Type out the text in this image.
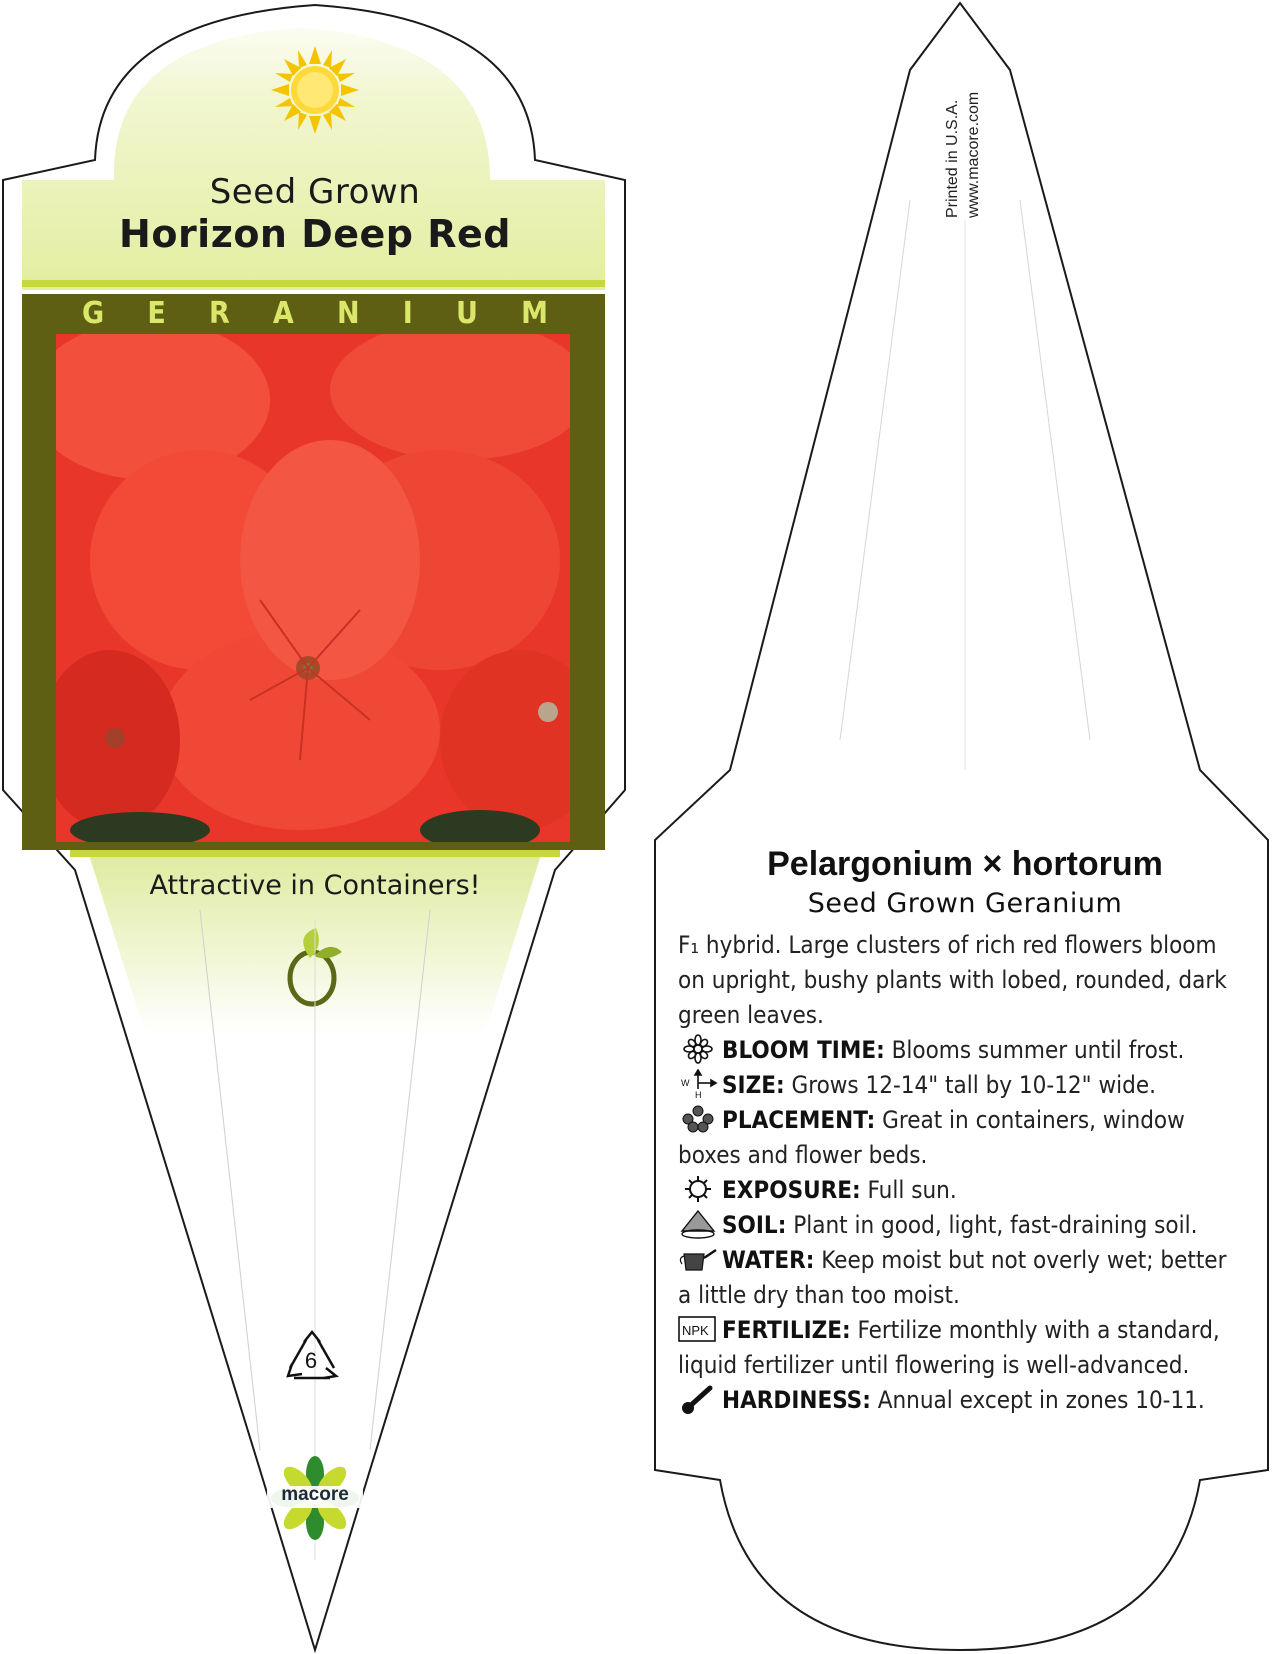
Printed in U.S.A. www.macore.com
Seed Grown
Horizon Deep Red
G E R A N I U M
Attractive in Containers!
6
macore
Pelargonium × hortorum
Seed Grown Geranium

F₁ hybrid. Large clusters of rich red flowers bloom on upright, bushy plants with lobed, rounded, dark green leaves.

BLOOM TIME: Blooms summer until frost.
W
H SIZE: Grows 12-14" tall by 10-12" wide.
PLACEMENT: Great in containers, window boxes and flower beds.
EXPOSURE: Full sun.
SOIL: Plant in good, light, fast-draining soil.
WATER: Keep moist but not overly wet; better a little dry than too moist.
NPK FERTILIZE: Fertilize monthly with a standard, liquid fertilizer until flowering is well-advanced.
HARDINESS: Annual except in zones 10-11.
